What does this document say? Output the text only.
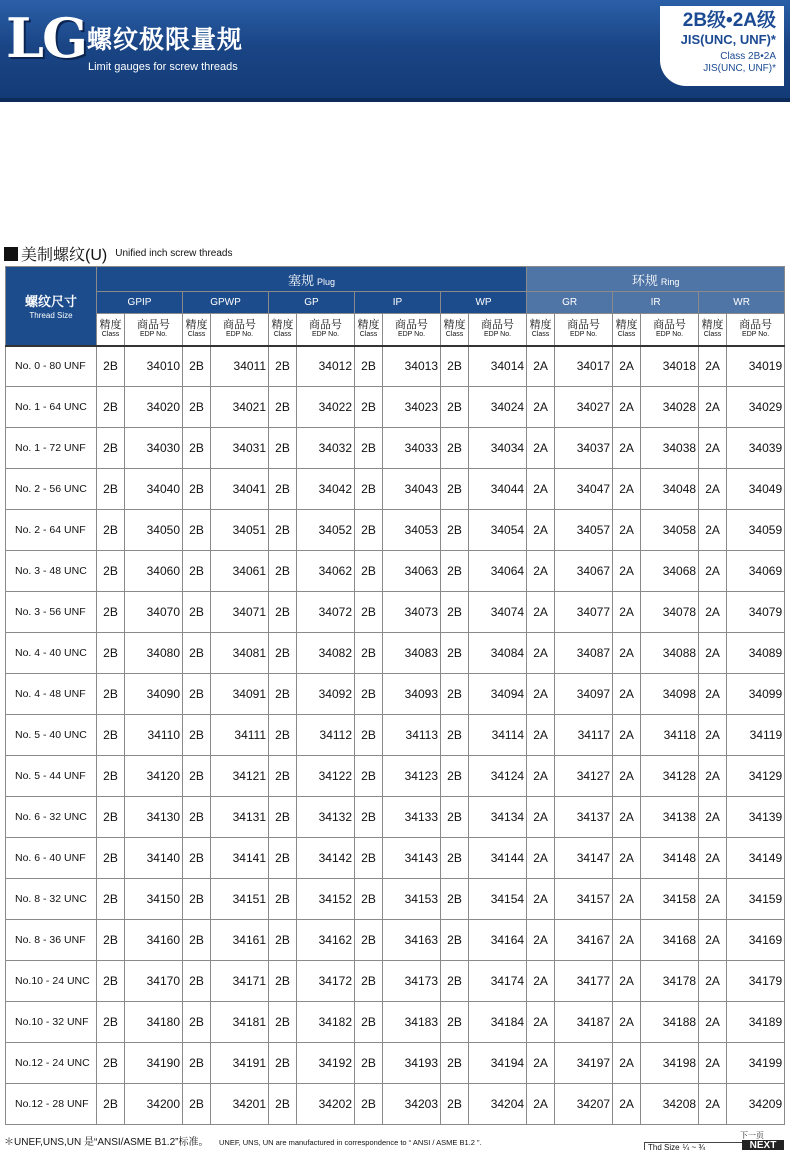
LG 螺纹极限量规
Limit gauges for screw threads
2B级•2A级
JIS(UNC, UNF)*
Class 2B•2A
JIS(UNC, UNF)*
美制螺纹(U) Unified inch screw threads
螺纹尺寸
Thread Size	塞规 Plug										环规 Ring					
	GPIP		GPWP		GP		IP		WP		GR		IR		WR	

	精度
Class	商品号
EDP No.	精度
Class	商品号
EDP No.	精度
Class	商品号
EDP No.	精度
Class	商品号
EDP No.	精度
Class	商品号
EDP No.	精度
Class	商品号
EDP No.	精度
Class	商品号
EDP No.	精度
Class	商品号
EDP No.

No. 0 - 80 UNF	2B	34010	2B	34011	2B	34012	2B	34013	2B	34014	2A	34017	2A	34018	2A	34019
No. 1 - 64 UNC	2B	34020	2B	34021	2B	34022	2B	34023	2B	34024	2A	34027	2A	34028	2A	34029
No. 1 - 72 UNF	2B	34030	2B	34031	2B	34032	2B	34033	2B	34034	2A	34037	2A	34038	2A	34039
No. 2 - 56 UNC	2B	34040	2B	34041	2B	34042	2B	34043	2B	34044	2A	34047	2A	34048	2A	34049
No. 2 - 64 UNF	2B	34050	2B	34051	2B	34052	2B	34053	2B	34054	2A	34057	2A	34058	2A	34059
No. 3 - 48 UNC	2B	34060	2B	34061	2B	34062	2B	34063	2B	34064	2A	34067	2A	34068	2A	34069
No. 3 - 56 UNF	2B	34070	2B	34071	2B	34072	2B	34073	2B	34074	2A	34077	2A	34078	2A	34079
No. 4 - 40 UNC	2B	34080	2B	34081	2B	34082	2B	34083	2B	34084	2A	34087	2A	34088	2A	34089
No. 4 - 48 UNF	2B	34090	2B	34091	2B	34092	2B	34093	2B	34094	2A	34097	2A	34098	2A	34099
No. 5 - 40 UNC	2B	34110	2B	34111	2B	34112	2B	34113	2B	34114	2A	34117	2A	34118	2A	34119
No. 5 - 44 UNF	2B	34120	2B	34121	2B	34122	2B	34123	2B	34124	2A	34127	2A	34128	2A	34129
No. 6 - 32 UNC	2B	34130	2B	34131	2B	34132	2B	34133	2B	34134	2A	34137	2A	34138	2A	34139
No. 6 - 40 UNF	2B	34140	2B	34141	2B	34142	2B	34143	2B	34144	2A	34147	2A	34148	2A	34149
No. 8 - 32 UNC	2B	34150	2B	34151	2B	34152	2B	34153	2B	34154	2A	34157	2A	34158	2A	34159
No. 8 - 36 UNF	2B	34160	2B	34161	2B	34162	2B	34163	2B	34164	2A	34167	2A	34168	2A	34169
No.10 - 24 UNC	2B	34170	2B	34171	2B	34172	2B	34173	2B	34174	2A	34177	2A	34178	2A	34179
No.10 - 32 UNF	2B	34180	2B	34181	2B	34182	2B	34183	2B	34184	2A	34187	2A	34188	2A	34189
No.12 - 24 UNC	2B	34190	2B	34191	2B	34192	2B	34193	2B	34194	2A	34197	2A	34198	2A	34199
No.12 - 28 UNF	2B	34200	2B	34201	2B	34202	2B	34203	2B	34204	2A	34207	2A	34208	2A	34209
＊UNEF,UNS,UN 是“ANSI/ASME B1.2”标准。 UNEF, UNS, UN are manufactured in correspondence to “ ANSI / ASME B1.2 ”.
下一页
Thd Size ¼ ~ ¾	NEXT
